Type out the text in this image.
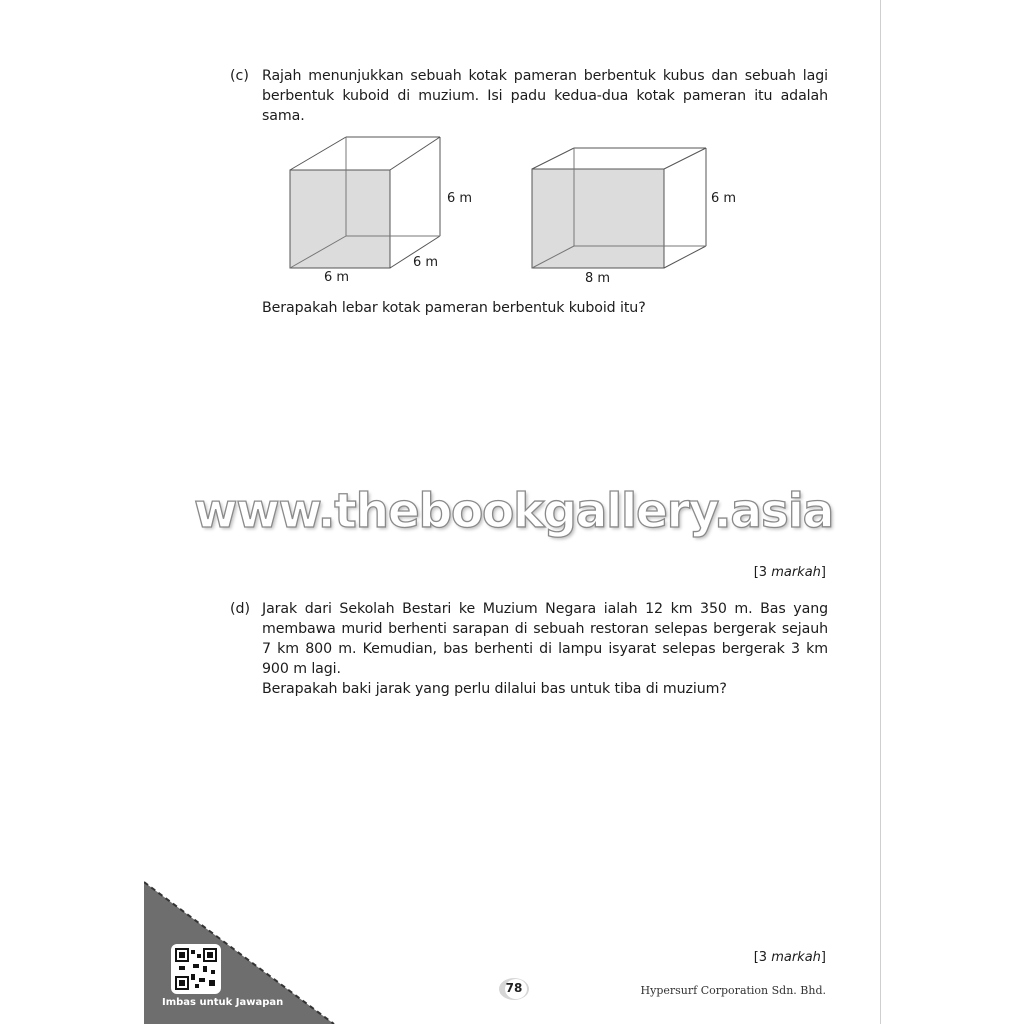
(c) Rajah menunjukkan sebuah kotak pameran berbentuk kubus dan sebuah lagi
berbentuk kuboid di muzium. Isi padu kedua-dua kotak pameran itu adalah
sama.
6 m
6 m
6 m
6 m
8 m
Berapakah lebar kotak pameran berbentuk kuboid itu?
www.thebookgallery.asia
[3 markah]
(d) Jarak dari Sekolah Bestari ke Muzium Negara ialah 12 km 350 m. Bas yang
membawa murid berhenti sarapan di sebuah restoran selepas bergerak sejauh
7 km 800 m. Kemudian, bas berhenti di lampu isyarat selepas bergerak 3 km
900 m lagi.
Berapakah baki jarak yang perlu dilalui bas untuk tiba di muzium?
[3 markah]
Imbas untuk Jawapan
78	Hypersurf Corporation Sdn. Bhd.
